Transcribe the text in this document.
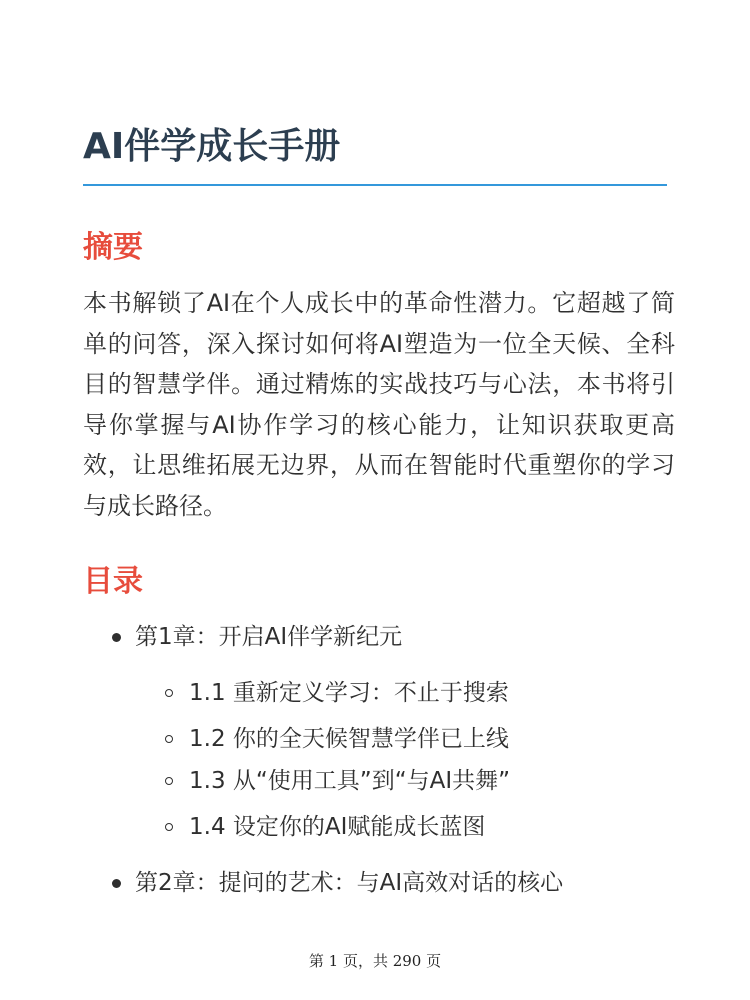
AI伴学成长手册
摘要

本书解锁了AI在个人成长中的革命性潜力。它超越了简单的问答，深入探讨如何将AI塑造为一位全天候、全科目的智慧学伴。通过精炼的实战技巧与心法，本书将引导你掌握与AI协作学习的核心能力，让知识获取更高效，让思维拓展无边界，从而在智能时代重塑你的学习与成长路径。

目录
第1章：开启AI伴学新纪元
1.1 重新定义学习：不止于搜索
1.2 你的全天候智慧学伴已上线
1.3 从“使用工具”到“与AI共舞”
1.4 设定你的AI赋能成长蓝图
第2章：提问的艺术：与AI高效对话的核心
第 1 页，共 290 页
